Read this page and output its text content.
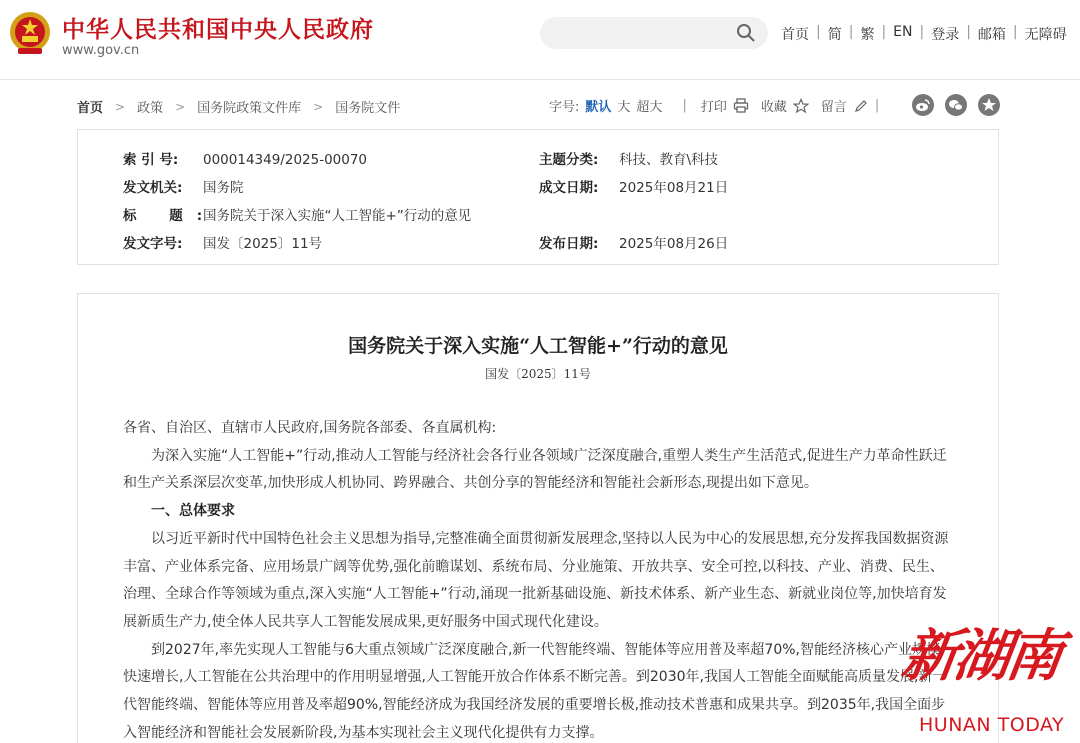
中华人民共和国中央人民政府
www.gov.cn
首页 | 简 | 繁 | EN | 登录 | 邮箱 | 无障碍
首页 > 政策 > 国务院政策文件库 > 国务院文件	字号: 默认 大 超大 | 打印	收藏	留言 |
索 引 号: 000014349/2025-00070	主题分类: 科技、教育\科技
发文机关: 国务院	成文日期: 2025年08月21日
标 题:国务院关于深入实施“人工智能+”行动的意见
发文字号: 国发〔2025〕11号	发布日期: 2025年08月26日
国务院关于深入实施“人工智能+”行动的意见
国发〔2025〕11号

各省、自治区、直辖市人民政府,国务院各部委、各直属机构:

为深入实施“人工智能+”行动,推动人工智能与经济社会各行业各领域广泛深度融合,重塑人类生产生活范式,促进生产力革命性跃迁和生产关系深层次变革,加快形成人机协同、跨界融合、共创分享的智能经济和智能社会新形态,现提出如下意见。

一、总体要求

以习近平新时代中国特色社会主义思想为指导,完整准确全面贯彻新发展理念,坚持以人民为中心的发展思想,充分发挥我国数据资源丰富、产业体系完备、应用场景广阔等优势,强化前瞻谋划、系统布局、分业施策、开放共享、安全可控,以科技、产业、消费、民生、治理、全球合作等领域为重点,深入实施“人工智能+”行动,涌现一批新基础设施、新技术体系、新产业生态、新就业岗位等,加快培育发展新质生产力,使全体人民共享人工智能发展成果,更好服务中国式现代化建设。

到2027年,率先实现人工智能与6大重点领域广泛深度融合,新一代智能终端、智能体等应用普及率超70%,智能经济核心产业规模快速增长,人工智能在公共治理中的作用明显增强,人工智能开放合作体系不断完善。到2030年,我国人工智能全面赋能高质量发展,新一代智能终端、智能体等应用普及率超90%,智能经济成为我国经济发展的重要增长极,推动技术普惠和成果共享。到2035年,我国全面步入智能经济和智能社会发展新阶段,为基本实现社会主义现代化提供有力支撑。

新湖南
HUNAN TODAY
